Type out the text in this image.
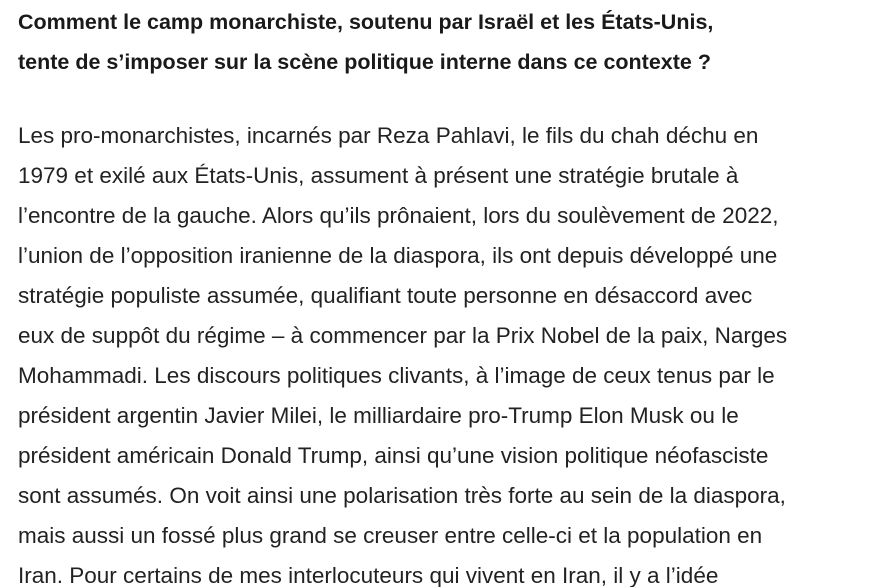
Comment le camp monarchiste, soutenu par Israël et les États-Unis,
tente de s’imposer sur la scène politique interne dans ce contexte ?

Les pro-monarchistes, incarnés par Reza Pahlavi, le fils du chah déchu en
1979 et exilé aux États-Unis, assument à présent une stratégie brutale à
l’encontre de la gauche. Alors qu’ils prônaient, lors du soulèvement de 2022,
l’union de l’opposition iranienne de la diaspora, ils ont depuis développé une
stratégie populiste assumée, qualifiant toute personne en désaccord avec
eux de suppôt du régime – à commencer par la Prix Nobel de la paix, Narges
Mohammadi. Les discours politiques clivants, à l’image de ceux tenus par le
président argentin Javier Milei, le milliardaire pro-Trump Elon Musk ou le
président américain Donald Trump, ainsi qu’une vision politique néofasciste
sont assumés. On voit ainsi une polarisation très forte au sein de la diaspora,
mais aussi un fossé plus grand se creuser entre celle-ci et la population en
Iran. Pour certains de mes interlocuteurs qui vivent en Iran, il y a l’idée
